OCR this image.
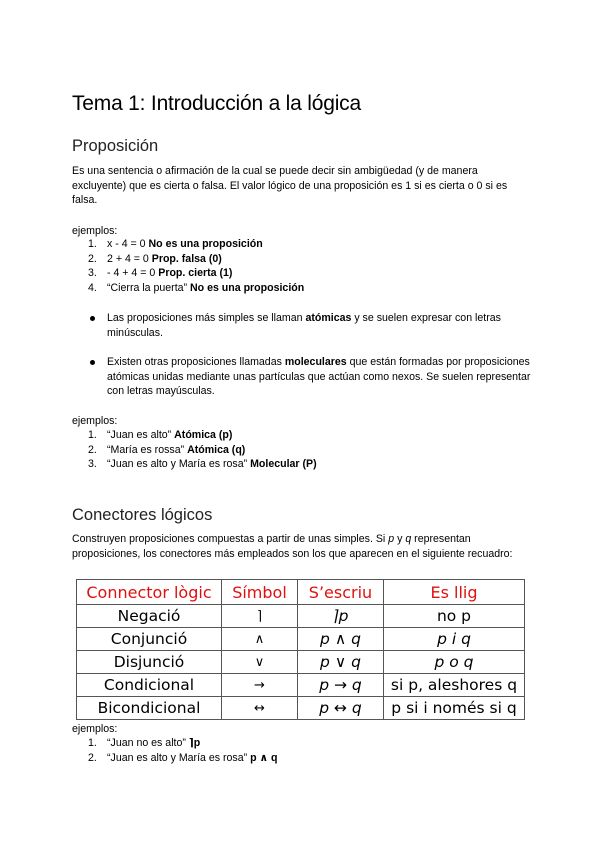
Tema 1: Introducción a la lógica
Proposición

Es una sentencia o afirmación de la cual se puede decir sin ambigüedad (y de manera excluyente) que es cierta o falsa. El valor lógico de una proposición es 1 si es cierta o 0 si es falsa.

ejemplos:

1. x - 4 = 0 No es una proposición
2. 2 + 4 = 0 Prop. falsa (0)
3. - 4 + 4 = 0 Prop. cierta (1)
4. “Cierra la puerta” No es una proposición
Las proposiciones más simples se llaman atómicas y se suelen expresar con letras minúsculas.
Existen otras proposiciones llamadas moleculares que están formadas por proposiciones atómicas unidas mediante unas partículas que actúan como nexos. Se suelen representar con letras mayúsculas.

ejemplos:

1. “Juan es alto” Atómica (p)
2. “María es rossa” Atómica (q)
3. “Juan es alto y María es rosa” Molecular (P)
Conectores lógicos

Construyen proposiciones compuestas a partir de unas simples. Si p y q representan proposiciones, los conectores más empleados son los que aparecen en el siguiente recuadro:

Connector lògic	Símbol	S’escriu	Es llig
Negació	⌉	⌉p	no p
Conjunció	∧	p ∧ q	p i q
Disjunció	∨	p ∨ q	p o q
Condicional	→	p → q	si p, aleshores q
Bicondicional	↔	p ↔ q	p si i només si q

ejemplos:

1. “Juan no es alto” ⌉p
2. “Juan es alto y María es rosa” p ∧ q
